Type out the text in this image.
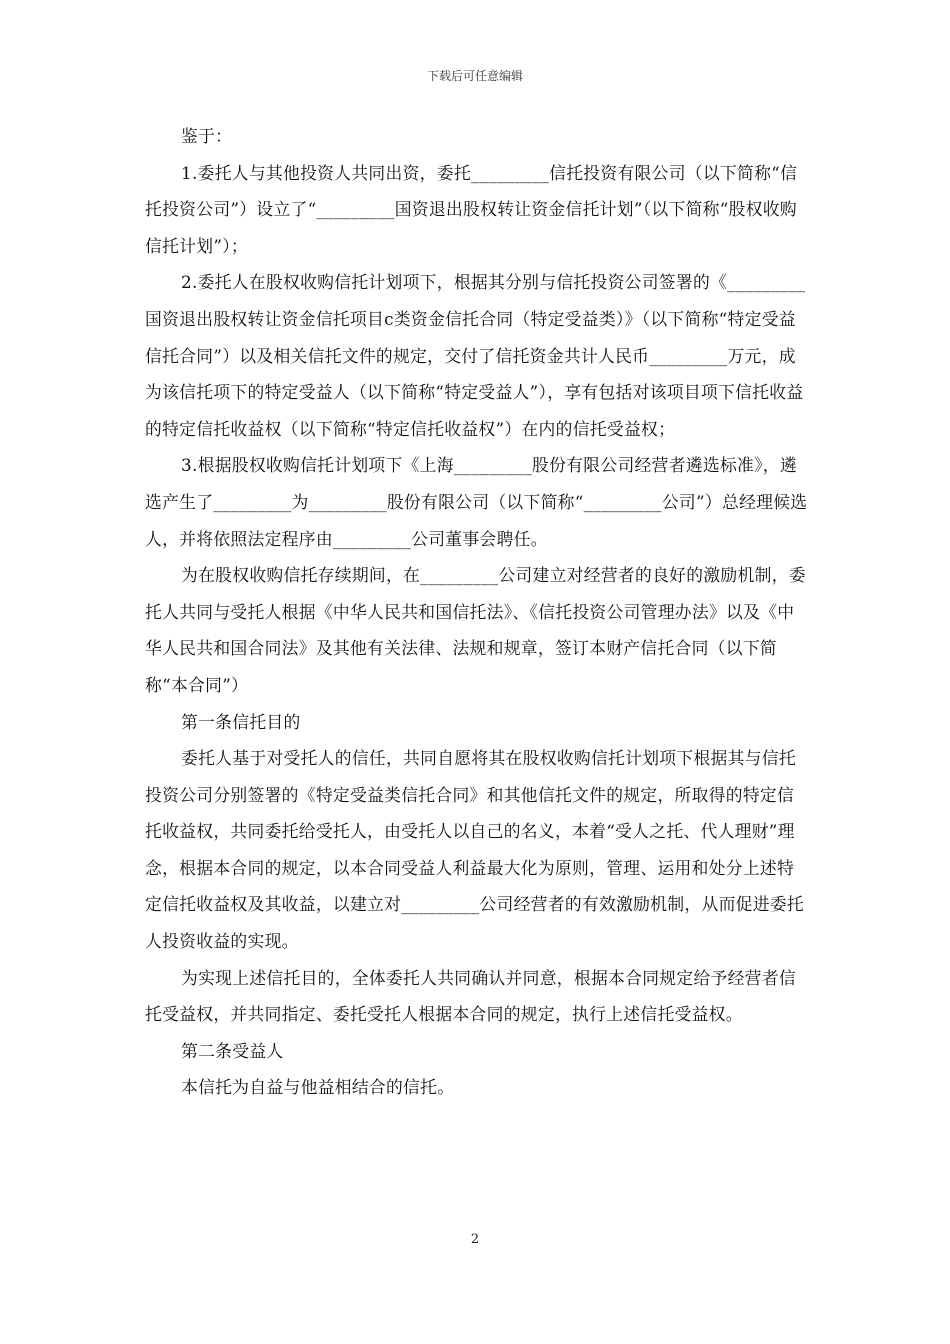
下载后可任意编辑

鉴于：

1.委托人与其他投资人共同出资，委托_________信托投资有限公司（以下简称“信托投资公司”）设立了“_________国资退出股权转让资金信托计划”（以下简称“股权收购信托计划”）；

2.委托人在股权收购信托计划项下，根据其分别与信托投资公司签署的《_________国资退出股权转让资金信托项目c类资金信托合同（特定受益类）》（以下简称“特定受益信托合同”）以及相关信托文件的规定，交付了信托资金共计人民币_________万元，成为该信托项下的特定受益人（以下简称“特定受益人”），享有包括对该项目项下信托收益的特定信托收益权（以下简称“特定信托收益权”）在内的信托受益权；

3.根据股权收购信托计划项下《上海_________股份有限公司经营者遴选标准》，遴选产生了_________为_________股份有限公司（以下简称“_________公司”）总经理候选人，并将依照法定程序由_________公司董事会聘任。

为在股权收购信托存续期间，在_________公司建立对经营者的良好的激励机制，委托人共同与受托人根据《中华人民共和国信托法》、《信托投资公司管理办法》以及《中华人民共和国合同法》及其他有关法律、法规和规章，签订本财产信托合同（以下简称“本合同”）

第一条信托目的

委托人基于对受托人的信任，共同自愿将其在股权收购信托计划项下根据其与信托投资公司分别签署的《特定受益类信托合同》和其他信托文件的规定，所取得的特定信托收益权，共同委托给受托人，由受托人以自己的名义，本着“受人之托、代人理财”理念，根据本合同的规定，以本合同受益人利益最大化为原则，管理、运用和处分上述特定信托收益权及其收益，以建立对_________公司经营者的有效激励机制，从而促进委托人投资收益的实现。

为实现上述信托目的，全体委托人共同确认并同意，根据本合同规定给予经营者信托受益权，并共同指定、委托受托人根据本合同的规定，执行上述信托受益权。

第二条受益人

本信托为自益与他益相结合的信托。

2
